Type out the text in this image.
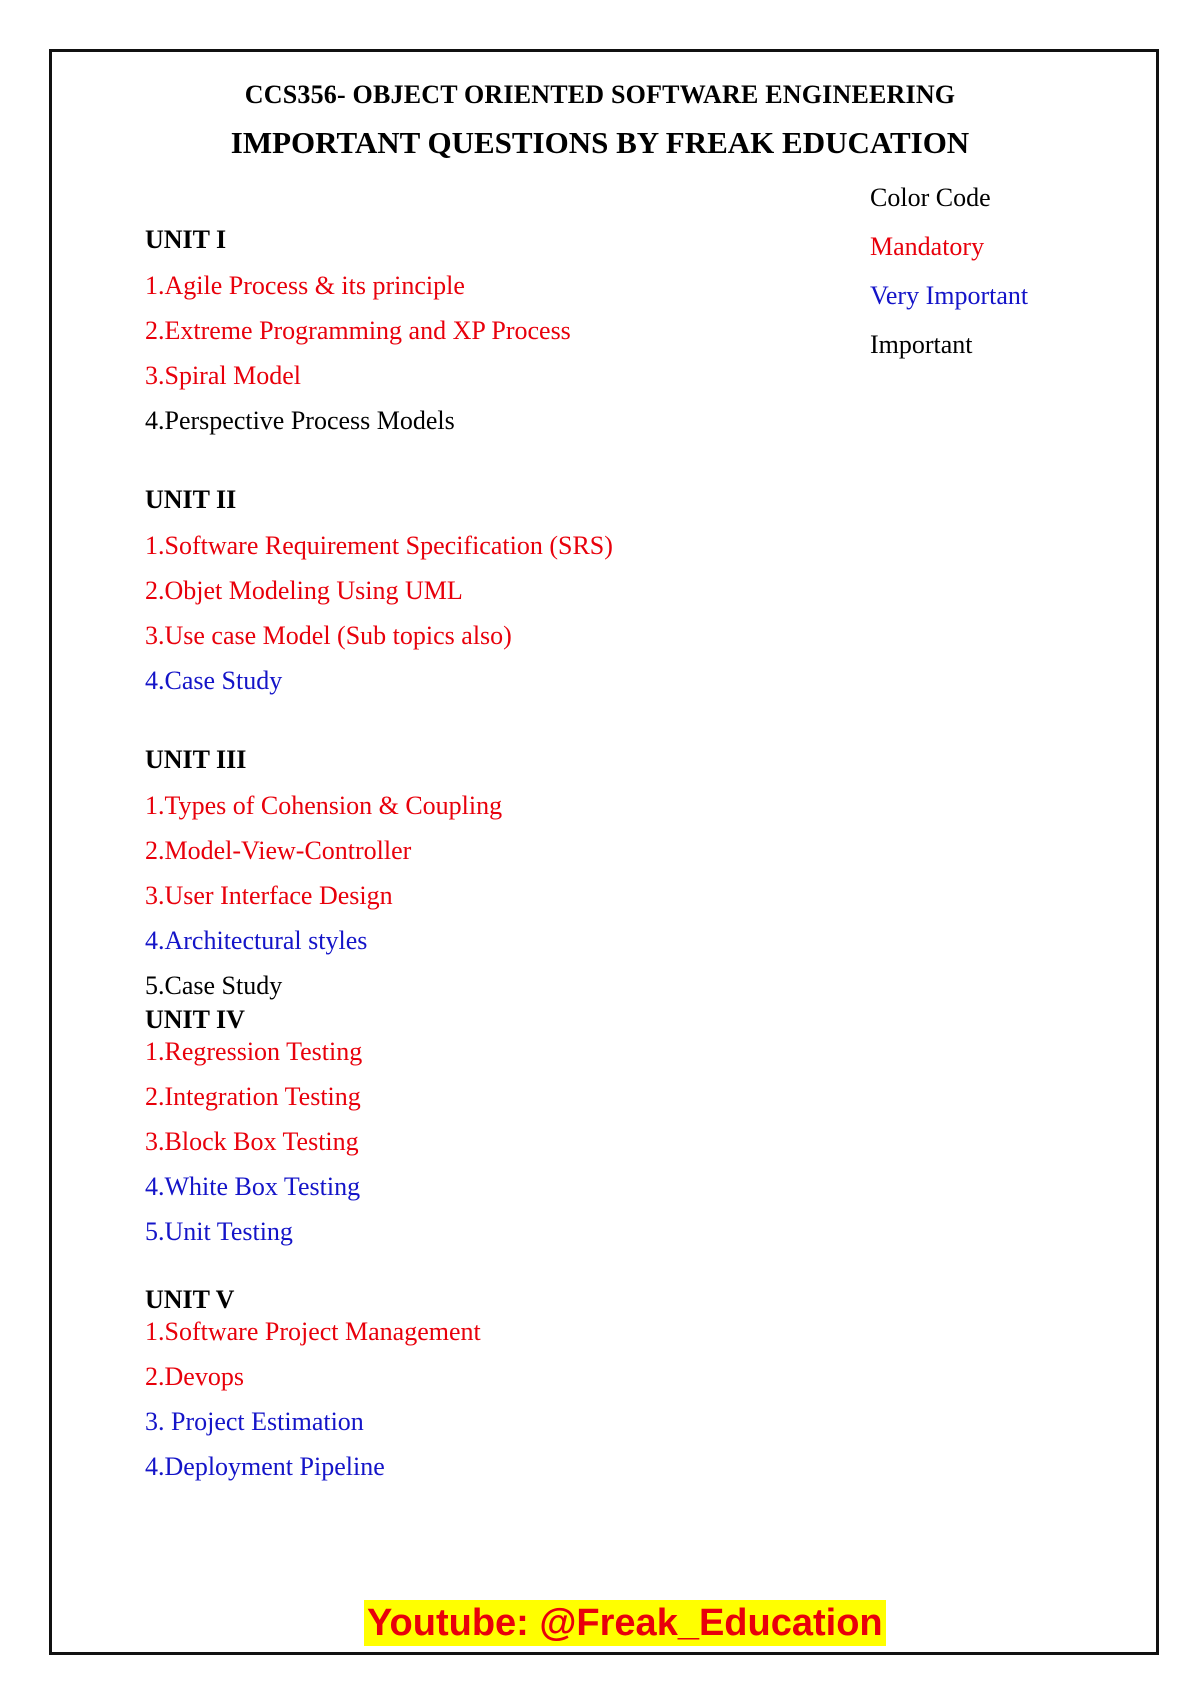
CCS356- OBJECT ORIENTED SOFTWARE ENGINEERING
IMPORTANT QUESTIONS BY FREAK EDUCATION
Color Code
Mandatory
Very Important
Important
UNIT I
1.Agile Process & its principle
2.Extreme Programming and XP Process
3.Spiral Model
4.Perspective Process Models
UNIT II
1.Software Requirement Specification (SRS)
2.Objet Modeling Using UML
3.Use case Model (Sub topics also)
4.Case Study
UNIT III
1.Types of Cohension & Coupling
2.Model-View-Controller
3.User Interface Design
4.Architectural styles
5.Case Study
UNIT IV
1.Regression Testing
2.Integration Testing
3.Block Box Testing
4.White Box Testing
5.Unit Testing
UNIT V
1.Software Project Management
2.Devops
3. Project Estimation
4.Deployment Pipeline
Youtube: @Freak_Education
